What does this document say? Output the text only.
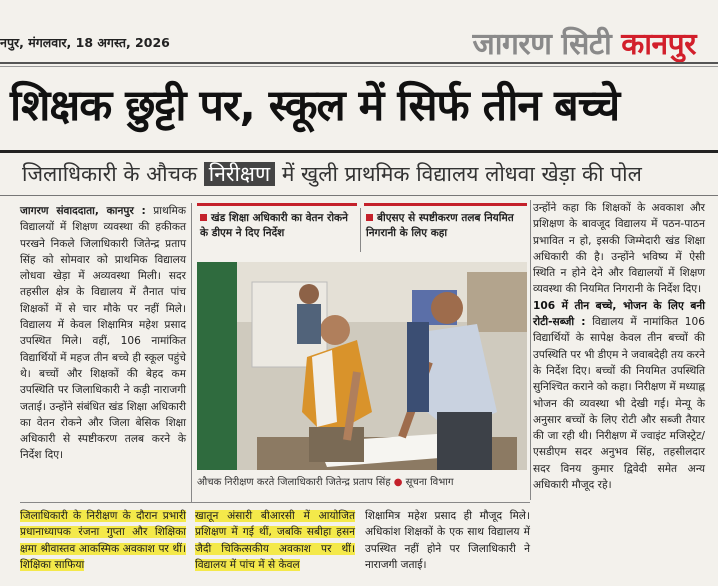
नपुर, मंगलवार, 18 अगस्त, 2026	जागरण सिटी कानपुर
शिक्षक छुट्टी पर, स्कूल में सिर्फ तीन बच्चे
जिलाधिकारी के औचक निरीक्षण में खुली प्राथमिक विद्यालय लोधवा खेड़ा की पोल
जागरण संवाददाता, कानपुर : प्राथमिक विद्यालयों में शिक्षण व्यवस्था की हकीकत परखने निकले जिलाधिकारी जितेन्द्र प्रताप सिंह को सोमवार को प्राथमिक विद्यालय लोधवा खेड़ा में अव्यवस्था मिली। सदर तहसील क्षेत्र के विद्यालय में तैनात पांच शिक्षकों में से चार मौके पर नहीं मिले। विद्यालय में केवल शिक्षामित्र महेश प्रसाद उपस्थित मिले। वहीं, 106 नामांकित विद्यार्थियों में महज तीन बच्चे ही स्कूल पहुंचे थे। बच्चों और शिक्षकों की बेहद कम उपस्थिति पर जिलाधिकारी ने कड़ी नाराजगी जताई। उन्होंने संबंधित खंड शिक्षा अधिकारी का वेतन रोकने और जिला बेसिक शिक्षा अधिकारी से स्पष्टीकरण तलब करने के निर्देश दिए।
खंड शिक्षा अधिकारी का वेतन रोकने के डीएम ने दिए निर्देश
बीएसए से स्पष्टीकरण तलब नियमित निगरानी के लिए कहा
औचक निरीक्षण करते जिलाधिकारी जितेन्द्र प्रताप सिंह ● सूचना विभाग
उन्होंने कहा कि शिक्षकों के अवकाश और प्रशिक्षण के बावजूद विद्यालय में पठन-पाठन प्रभावित न हो, इसकी जिम्मेदारी खंड शिक्षा अधिकारी की है। उन्होंने भविष्य में ऐसी स्थिति न होने देने और विद्यालयों में शिक्षण व्यवस्था की नियमित निगरानी के निर्देश दिए।
106 में तीन बच्चे, भोजन के लिए बनी रोटी-सब्जी : विद्यालय में नामांकित 106 विद्यार्थियों के सापेक्ष केवल तीन बच्चों की उपस्थिति पर भी डीएम ने जवाबदेही तय करने के निर्देश दिए। बच्चों की नियमित उपस्थिति सुनिश्चित कराने को कहा। निरीक्षण में मध्याह्न भोजन की व्यवस्था भी देखी गई। मेन्यू के अनुसार बच्चों के लिए रोटी और सब्जी तैयार की जा रही थी। निरीक्षण में ज्वाइंट मजिस्ट्रेट/एसडीएम सदर अनुभव सिंह, तहसीलदार सदर विनय कुमार द्विवेदी समेत अन्य अधिकारी मौजूद रहे।
जिलाधिकारी के निरीक्षण के दौरान प्रभारी प्रधानाध्यापक रंजना गुप्ता और शिक्षिका क्षमा श्रीवास्तव आकस्मिक अवकाश पर थीं। शिक्षिका साफिया
खातून अंसारी बीआरसी में आयोजित प्रशिक्षण में गई थीं, जबकि सबीहा हसन जैदी चिकित्सकीय अवकाश पर थीं। विद्यालय में पांच में से केवल
शिक्षामित्र महेश प्रसाद ही मौजूद मिले। अधिकांश शिक्षकों के एक साथ विद्यालय में उपस्थित नहीं होने पर जिलाधिकारी ने नाराजगी जताई।
